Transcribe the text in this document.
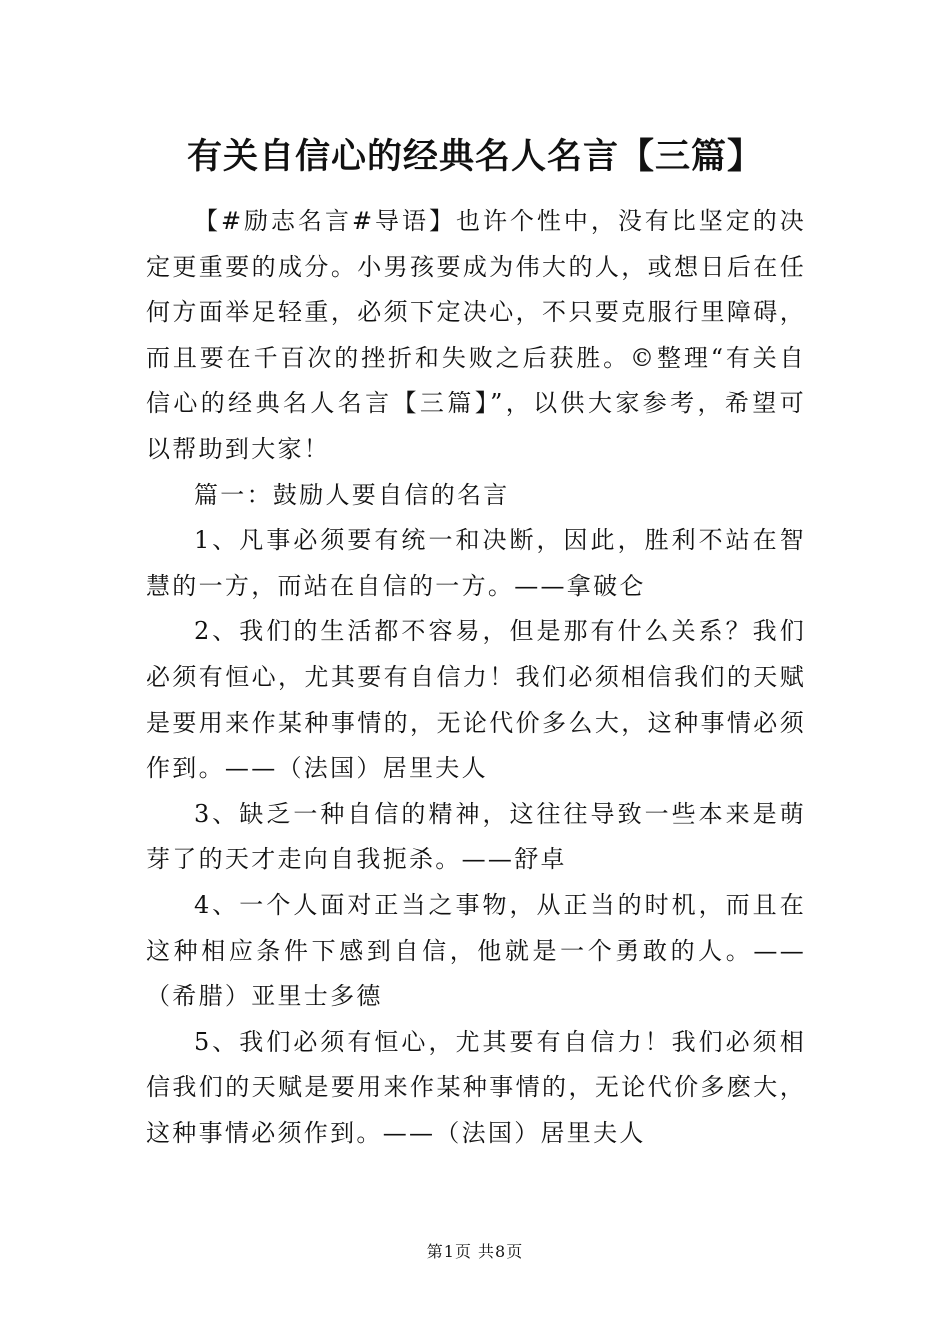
有关自信心的经典名人名言【三篇】

【#励志名言#导语】也许个性中，没有比坚定的决定更重要的成分。小男孩要成为伟大的人，或想日后在任何方面举足轻重，必须下定决心，不只要克服行里障碍，而且要在千百次的挫折和失败之后获胜。©整理“有关自信心的经典名人名言【三篇】”，以供大家参考，希望可以帮助到大家！

篇一：鼓励人要自信的名言

1、凡事必须要有统一和决断，因此，胜利不站在智慧的一方，而站在自信的一方。——拿破仑

2、我们的生活都不容易，但是那有什么关系？我们必须有恒心，尤其要有自信力！我们必须相信我们的天赋是要用来作某种事情的，无论代价多么大，这种事情必须作到。——（法国）居里夫人

3、缺乏一种自信的精神，这往往导致一些本来是萌芽了的天才走向自我扼杀。——舒卓

4、一个人面对正当之事物，从正当的时机，而且在这种相应条件下感到自信，他就是一个勇敢的人。——（希腊）亚里士多德

5、我们必须有恒心，尤其要有自信力！我们必须相信我们的天赋是要用来作某种事情的，无论代价多麽大，这种事情必须作到。——（法国）居里夫人

第1页 共8页
